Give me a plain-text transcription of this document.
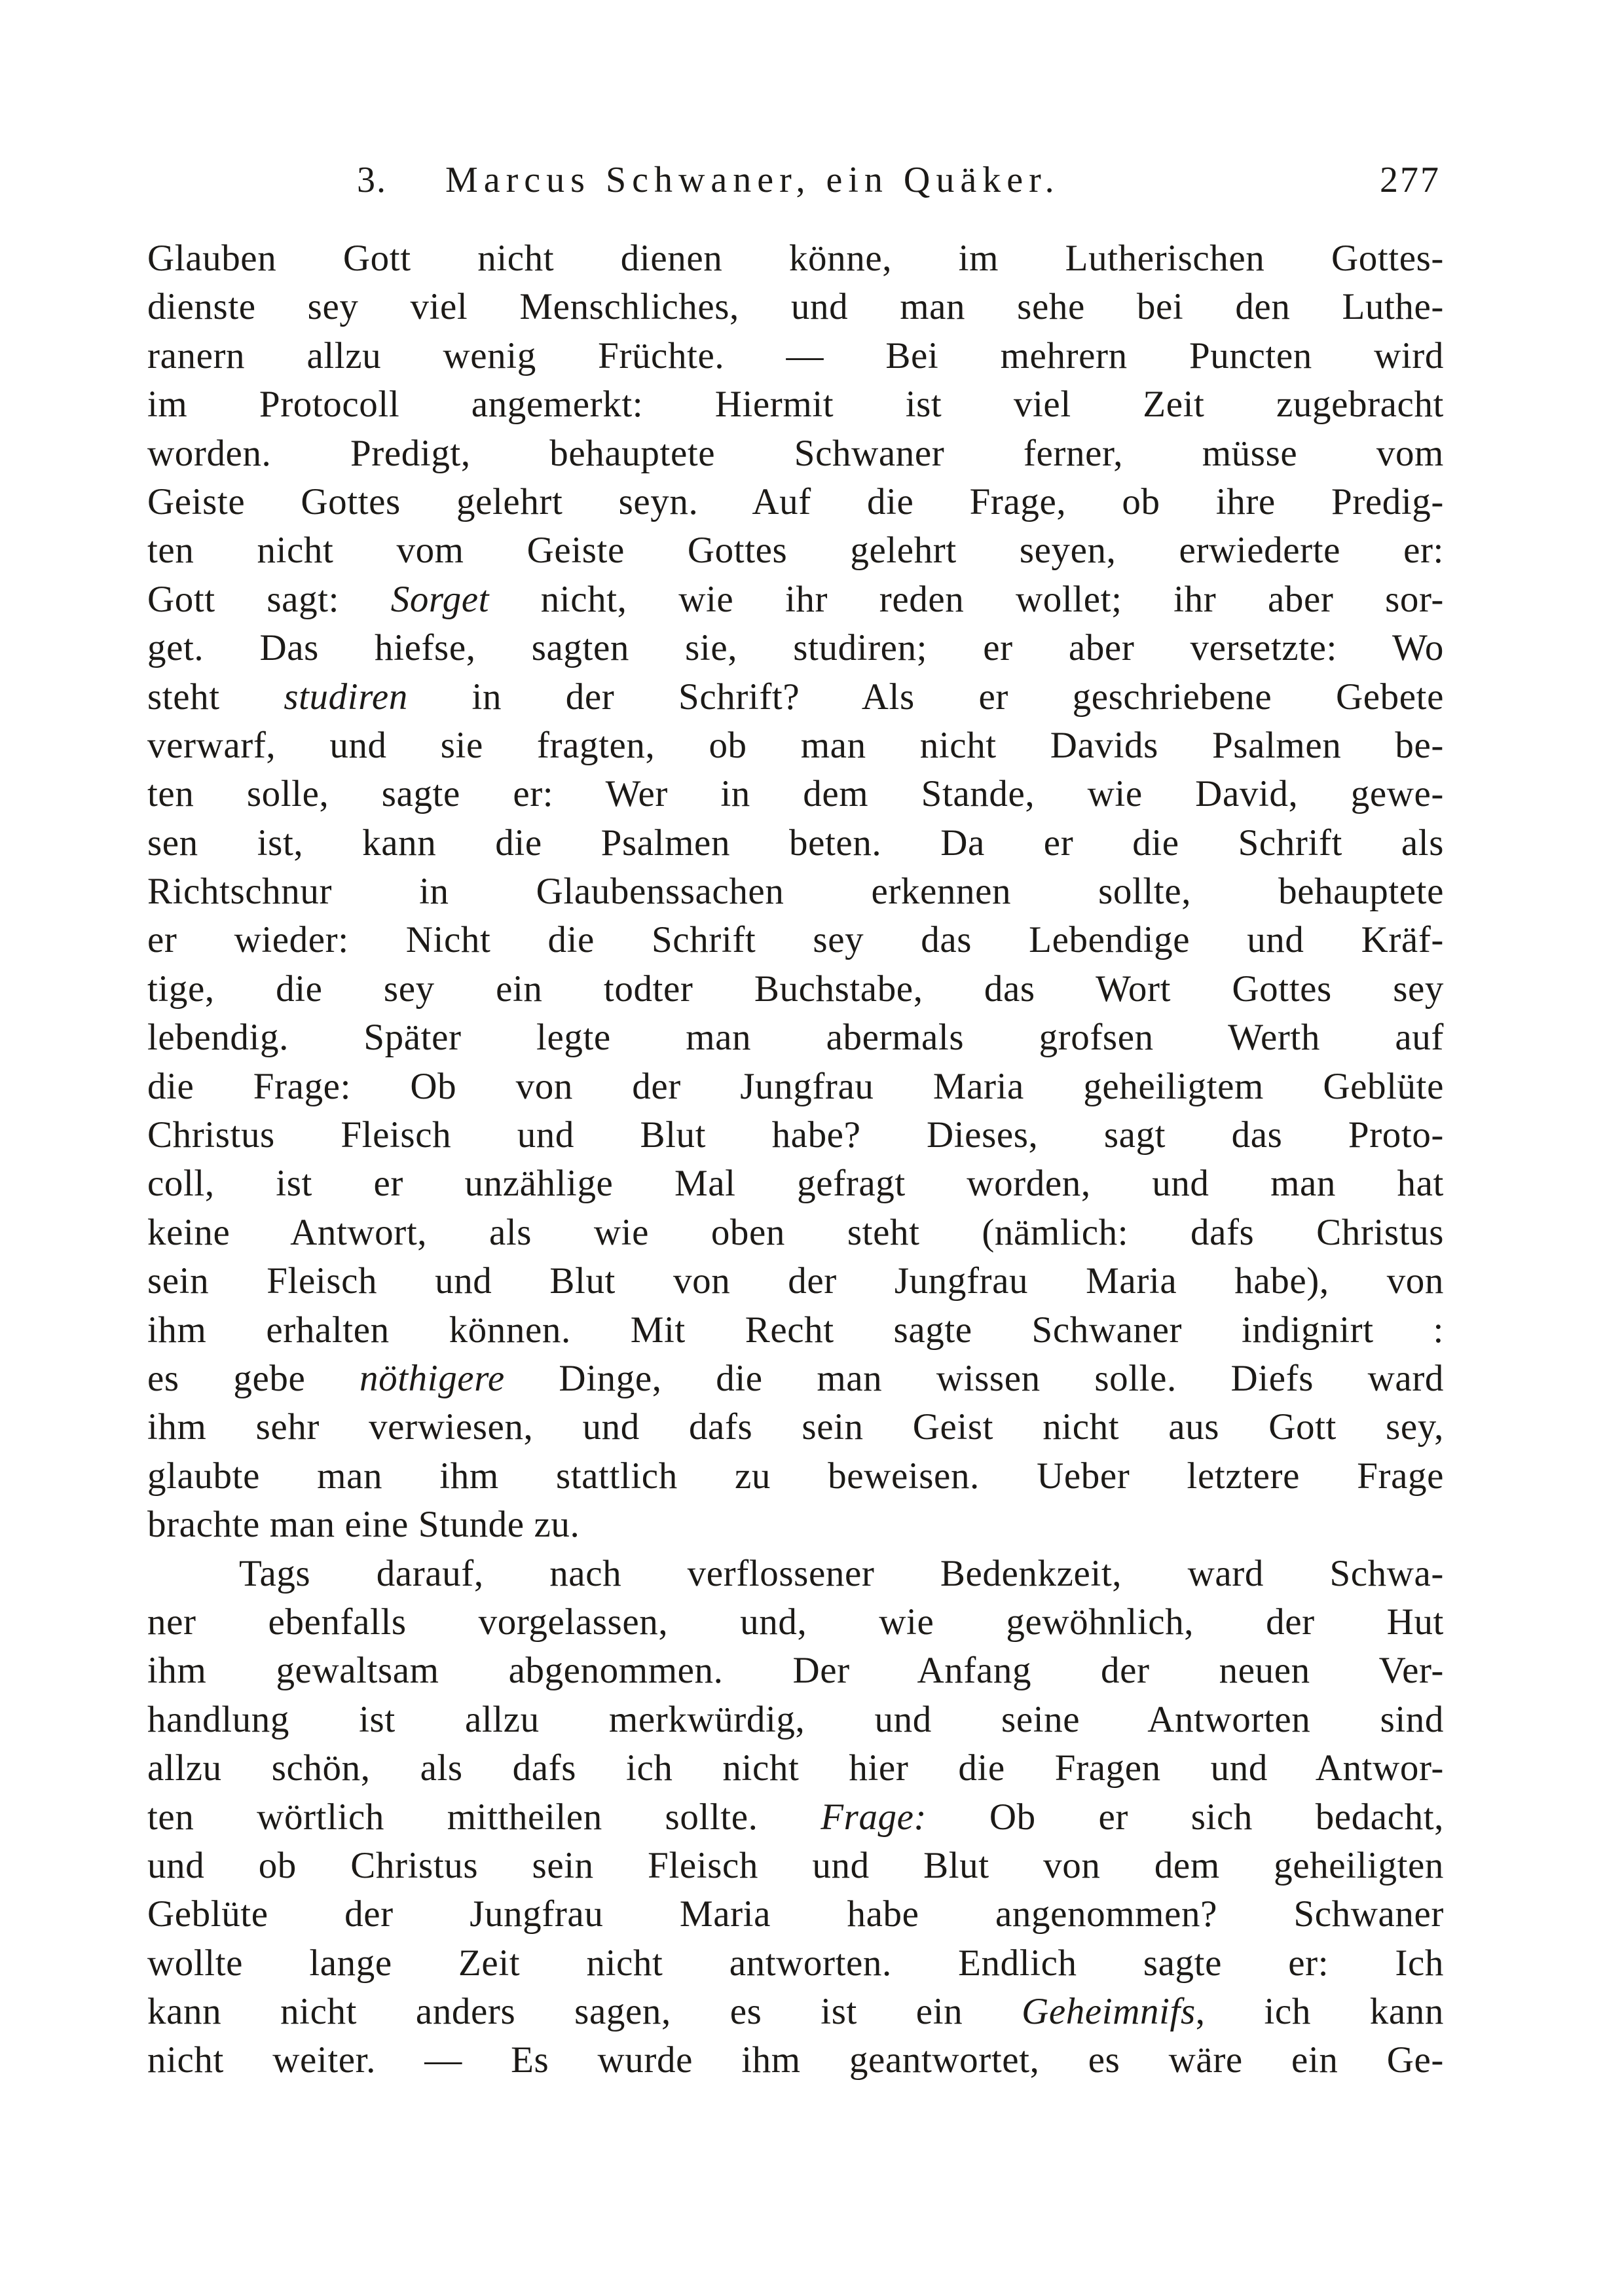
3. Marcus Schwaner, ein Quäker.	277
Glauben Gott nicht dienen könne, im Lutherischen Gottes-
dienste sey viel Menschliches, und man sehe bei den Luthe-
ranern allzu wenig Früchte. — Bei mehrern Puncten wird
im Protocoll angemerkt: Hiermit ist viel Zeit zugebracht
worden. Predigt, behauptete Schwaner ferner, müsse vom
Geiste Gottes gelehrt seyn. Auf die Frage, ob ihre Predig-
ten nicht vom Geiste Gottes gelehrt seyen, erwiederte er:
Gott sagt: Sorget nicht, wie ihr reden wollet; ihr aber sor-
get. Das hiefse, sagten sie, studiren; er aber versetzte: Wo
steht studiren in der Schrift? Als er geschriebene Gebete
verwarf, und sie fragten, ob man nicht Davids Psalmen be-
ten solle, sagte er: Wer in dem Stande, wie David, gewe-
sen ist, kann die Psalmen beten. Da er die Schrift als
Richtschnur in Glaubenssachen erkennen sollte, behauptete
er wieder: Nicht die Schrift sey das Lebendige und Kräf-
tige, die sey ein todter Buchstabe, das Wort Gottes sey
lebendig. Später legte man abermals grofsen Werth auf
die Frage: Ob von der Jungfrau Maria geheiligtem Geblüte
Christus Fleisch und Blut habe? Dieses, sagt das Proto-
coll, ist er unzählige Mal gefragt worden, und man hat
keine Antwort, als wie oben steht (nämlich: dafs Christus
sein Fleisch und Blut von der Jungfrau Maria habe), von
ihm erhalten können. Mit Recht sagte Schwaner indignirt :
es gebe nöthigere Dinge, die man wissen solle. Diefs ward
ihm sehr verwiesen, und dafs sein Geist nicht aus Gott sey,
glaubte man ihm stattlich zu beweisen. Ueber letztere Frage
brachte man eine Stunde zu.
Tags darauf, nach verflossener Bedenkzeit, ward Schwa-
ner ebenfalls vorgelassen, und, wie gewöhnlich, der Hut
ihm gewaltsam abgenommen. Der Anfang der neuen Ver-
handlung ist allzu merkwürdig, und seine Antworten sind
allzu schön, als dafs ich nicht hier die Fragen und Antwor-
ten wörtlich mittheilen sollte. Frage: Ob er sich bedacht,
und ob Christus sein Fleisch und Blut von dem geheiligten
Geblüte der Jungfrau Maria habe angenommen? Schwaner
wollte lange Zeit nicht antworten. Endlich sagte er: Ich
kann nicht anders sagen, es ist ein Geheimnifs, ich kann
nicht weiter. — Es wurde ihm geantwortet, es wäre ein Ge-
